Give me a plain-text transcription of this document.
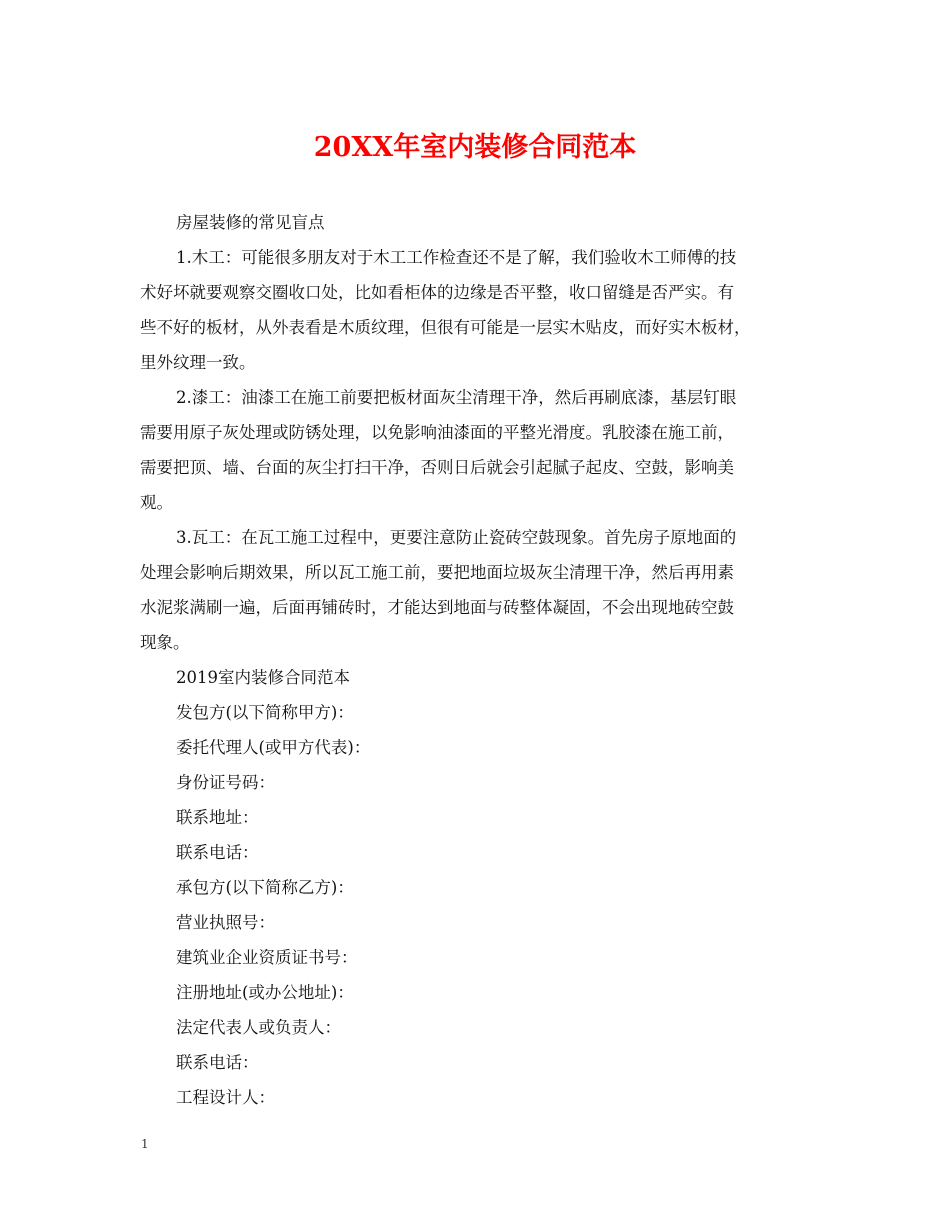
20XX年室内装修合同范本

房屋装修的常见盲点

1.木工：可能很多朋友对于木工工作检查还不是了解，我们验收木工师傅的技
术好坏就要观察交圈收口处，比如看柜体的边缘是否平整，收口留缝是否严实。有
些不好的板材，从外表看是木质纹理，但很有可能是一层实木贴皮，而好实木板材，
里外纹理一致。

2.漆工：油漆工在施工前要把板材面灰尘清理干净，然后再刷底漆，基层钉眼
需要用原子灰处理或防锈处理，以免影响油漆面的平整光滑度。乳胶漆在施工前，
需要把顶、墙、台面的灰尘打扫干净，否则日后就会引起腻子起皮、空鼓，影响美
观。

3.瓦工：在瓦工施工过程中，更要注意防止瓷砖空鼓现象。首先房子原地面的
处理会影响后期效果，所以瓦工施工前，要把地面垃圾灰尘清理干净，然后再用素
水泥浆满刷一遍，后面再铺砖时，才能达到地面与砖整体凝固，不会出现地砖空鼓
现象。

2019室内装修合同范本

发包方(以下简称甲方)：

委托代理人(或甲方代表)：

身份证号码：

联系地址：

联系电话：

承包方(以下简称乙方)：

营业执照号：

建筑业企业资质证书号：

注册地址(或办公地址)：

法定代表人或负责人：

联系电话：

工程设计人：

1
